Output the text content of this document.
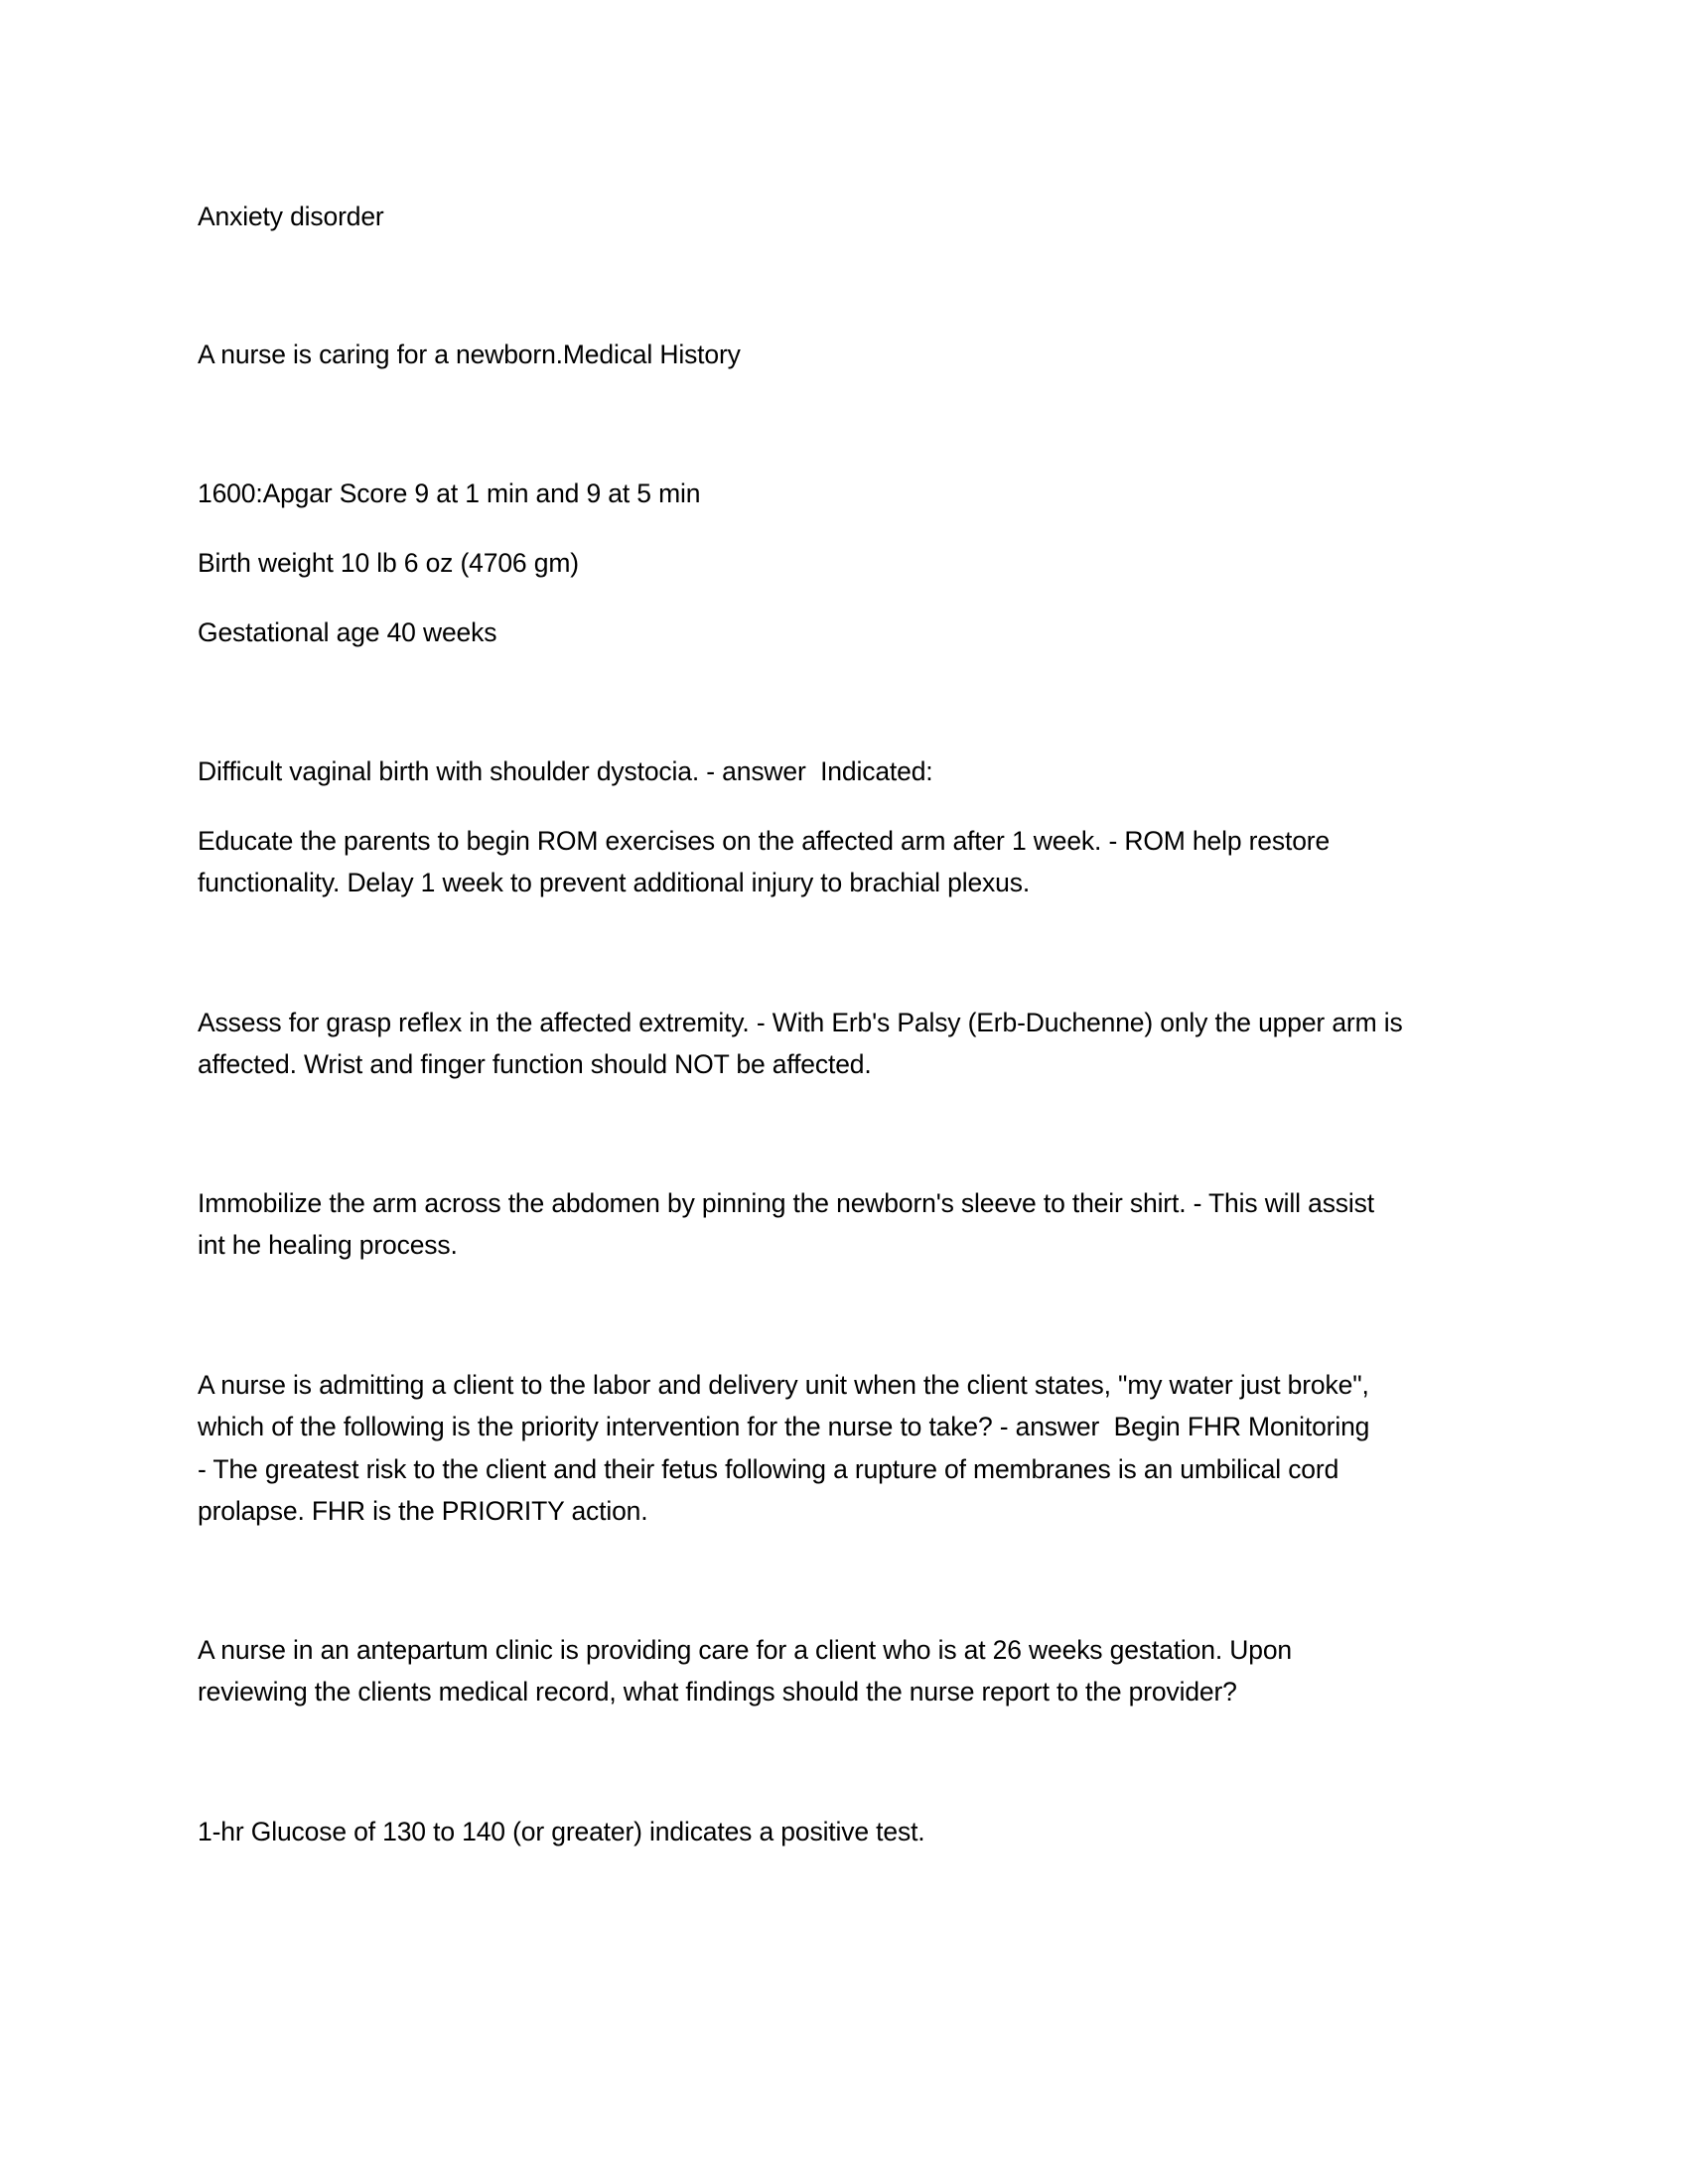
Anxiety disorder
A nurse is caring for a newborn.Medical History
1600:Apgar Score 9 at 1 min and 9 at 5 min
Birth weight 10 lb 6 oz (4706 gm)
Gestational age 40 weeks
Difficult vaginal birth with shoulder dystocia. - answer  Indicated:
Educate the parents to begin ROM exercises on the affected arm after 1 week. - ROM help restore
functionality. Delay 1 week to prevent additional injury to brachial plexus.
Assess for grasp reflex in the affected extremity. - With Erb's Palsy (Erb-Duchenne) only the upper arm is
affected. Wrist and finger function should NOT be affected.
Immobilize the arm across the abdomen by pinning the newborn's sleeve to their shirt. - This will assist
int he healing process.
A nurse is admitting a client to the labor and delivery unit when the client states, "my water just broke",
which of the following is the priority intervention for the nurse to take? - answer  Begin FHR Monitoring
- The greatest risk to the client and their fetus following a rupture of membranes is an umbilical cord
prolapse. FHR is the PRIORITY action.
A nurse in an antepartum clinic is providing care for a client who is at 26 weeks gestation. Upon
reviewing the clients medical record, what findings should the nurse report to the provider?
1-hr Glucose of 130 to 140 (or greater) indicates a positive test.
